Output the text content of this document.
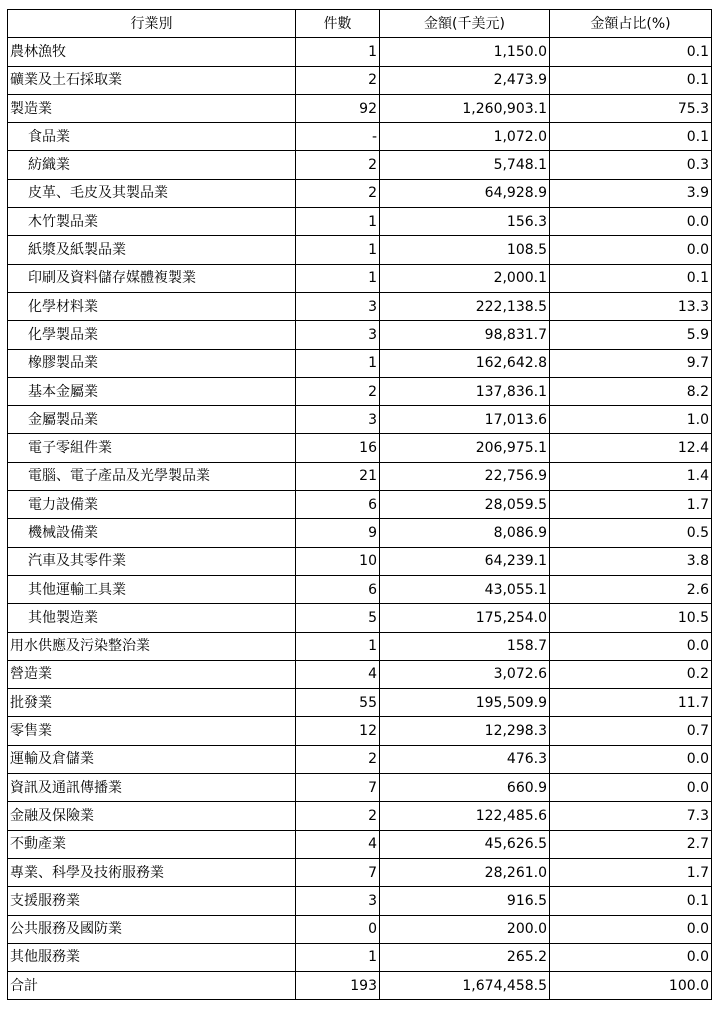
行業別	件數	金額(千美元)	金額占比(%)
農林漁牧	1	1,150.0	0.1
礦業及土石採取業	2	2,473.9	0.1
製造業	92	1,260,903.1	75.3
食品業	-	1,072.0	0.1
紡織業	2	5,748.1	0.3
皮革、毛皮及其製品業	2	64,928.9	3.9
木竹製品業	1	156.3	0.0
紙漿及紙製品業	1	108.5	0.0
印刷及資料儲存媒體複製業	1	2,000.1	0.1
化學材料業	3	222,138.5	13.3
化學製品業	3	98,831.7	5.9
橡膠製品業	1	162,642.8	9.7
基本金屬業	2	137,836.1	8.2
金屬製品業	3	17,013.6	1.0
電子零組件業	16	206,975.1	12.4
電腦、電子產品及光學製品業	21	22,756.9	1.4
電力設備業	6	28,059.5	1.7
機械設備業	9	8,086.9	0.5
汽車及其零件業	10	64,239.1	3.8
其他運輸工具業	6	43,055.1	2.6
其他製造業	5	175,254.0	10.5
用水供應及污染整治業	1	158.7	0.0
營造業	4	3,072.6	0.2
批發業	55	195,509.9	11.7
零售業	12	12,298.3	0.7
運輸及倉儲業	2	476.3	0.0
資訊及通訊傳播業	7	660.9	0.0
金融及保險業	2	122,485.6	7.3
不動產業	4	45,626.5	2.7
專業、科學及技術服務業	7	28,261.0	1.7
支援服務業	3	916.5	0.1
公共服務及國防業	0	200.0	0.0
其他服務業	1	265.2	0.0
合計	193	1,674,458.5	100.0
